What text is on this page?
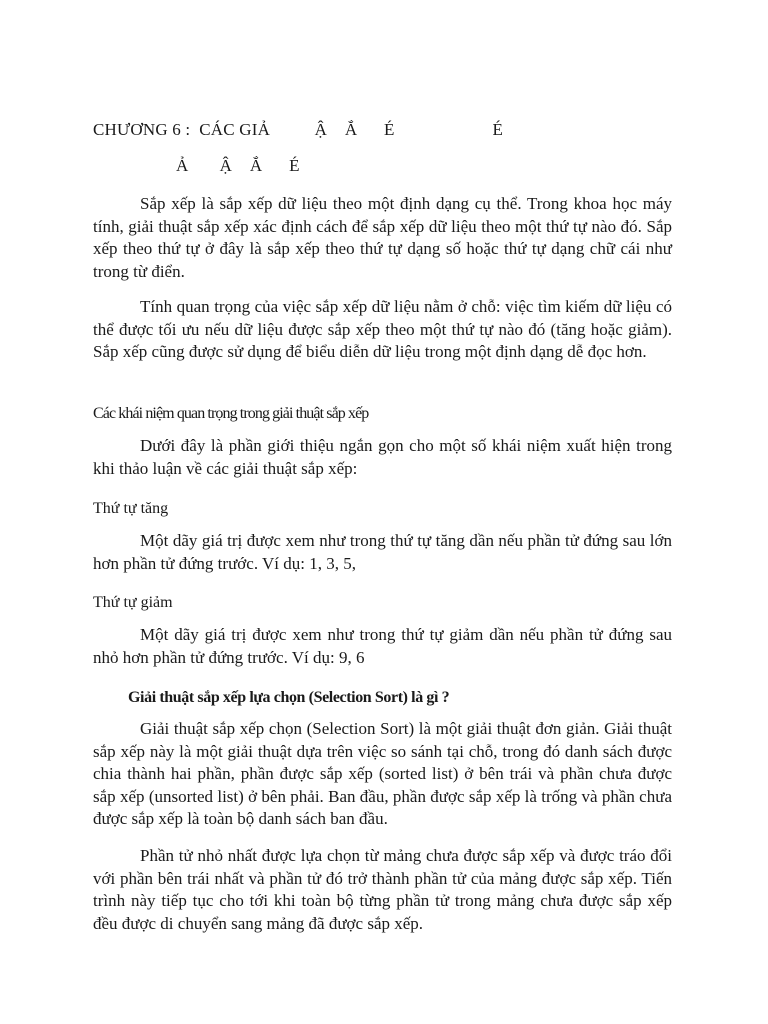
CHƯƠNG 6 :  CÁC GIẢ          Ậ    Ắ      É                      É
Ả       Ậ    Ắ      É

Sắp xếp là sắp xếp dữ liệu theo một định dạng cụ thể. Trong khoa học máy tính, giải thuật sắp xếp xác định cách để sắp xếp dữ liệu theo một thứ tự nào đó. Sắp xếp theo thứ tự ở đây là sắp xếp theo thứ tự dạng số hoặc thứ tự dạng chữ cái như trong từ điển.

Tính quan trọng của việc sắp xếp dữ liệu nằm ở chỗ: việc tìm kiếm dữ liệu có thể được tối ưu nếu dữ liệu được sắp xếp theo một thứ tự nào đó (tăng hoặc giảm). Sắp xếp cũng được sử dụng để biểu diễn dữ liệu trong một định dạng dễ đọc hơn.

Các khái niệm quan trọng trong giải thuật sắp xếp

Dưới đây là phần giới thiệu ngắn gọn cho một số khái niệm xuất hiện trong khi thảo luận về các giải thuật sắp xếp:

Thứ tự tăng

Một dãy giá trị được xem như trong thứ tự tăng dần nếu phần tử đứng sau lớn hơn phần tử đứng trước. Ví dụ: 1, 3, 5,

Thứ tự giảm

Một dãy giá trị được xem như trong thứ tự giảm dần nếu phần tử đứng sau nhỏ hơn phần tử đứng trước. Ví dụ: 9, 6

Giải thuật sắp xếp lựa chọn (Selection Sort) là gì ?

Giải thuật sắp xếp chọn (Selection Sort) là một giải thuật đơn giản. Giải thuật sắp xếp này là một giải thuật dựa trên việc so sánh tại chỗ, trong đó danh sách được chia thành hai phần, phần được sắp xếp (sorted list) ở bên trái và phần chưa được sắp xếp (unsorted list) ở bên phải. Ban đầu, phần được sắp xếp là trống và phần chưa được sắp xếp là toàn bộ danh sách ban đầu.

Phần tử nhỏ nhất được lựa chọn từ mảng chưa được sắp xếp và được tráo đổi với phần bên trái nhất và phần tử đó trở thành phần tử của mảng được sắp xếp. Tiến trình này tiếp tục cho tới khi toàn bộ từng phần tử trong mảng chưa được sắp xếp đều được di chuyển sang mảng đã được sắp xếp.
